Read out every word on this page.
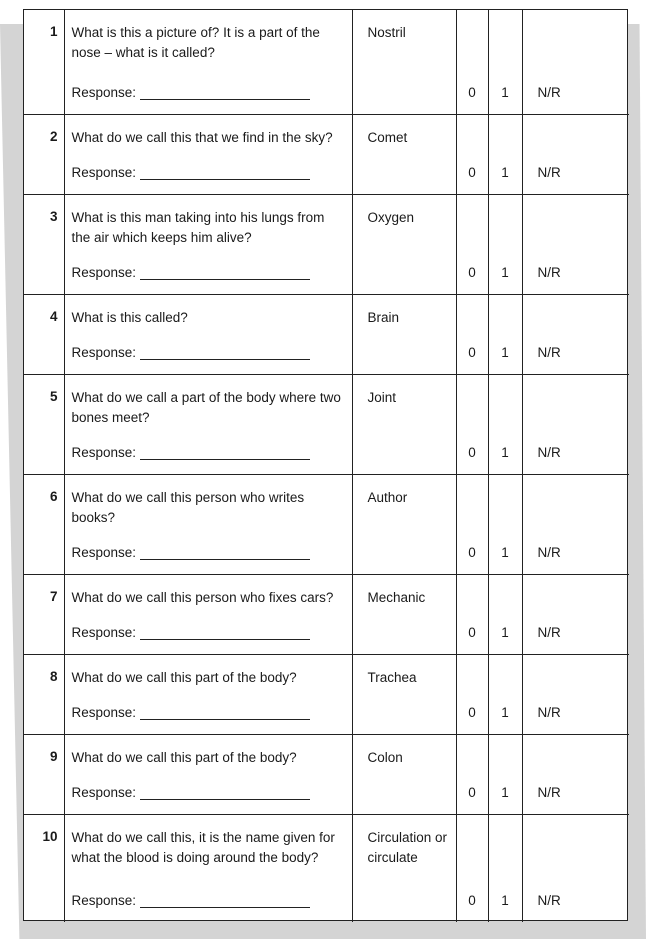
1	What is this a picture of? It is a part of the nose – what is it called?
Response:	Nostril	0	1	N/R

2	What do we call this that we find in the sky?
Response:	Comet	0	1	N/R

3	What is this man taking into his lungs from the air which keeps him alive?
Response:	Oxygen	0	1	N/R

4	What is this called?
Response:	Brain	0	1	N/R

5	What do we call a part of the body where two bones meet?
Response:	Joint	0	1	N/R

6	What do we call this person who writes books?
Response:	Author	0	1	N/R

7	What do we call this person who fixes cars?
Response:	Mechanic	0	1	N/R

8	What do we call this part of the body?
Response:	Trachea	0	1	N/R

9	What do we call this part of the body?
Response:	Colon	0	1	N/R

10	What do we call this, it is the name given for what the blood is doing around the body?
Response:	Circulation or circulate	0	1	N/R
